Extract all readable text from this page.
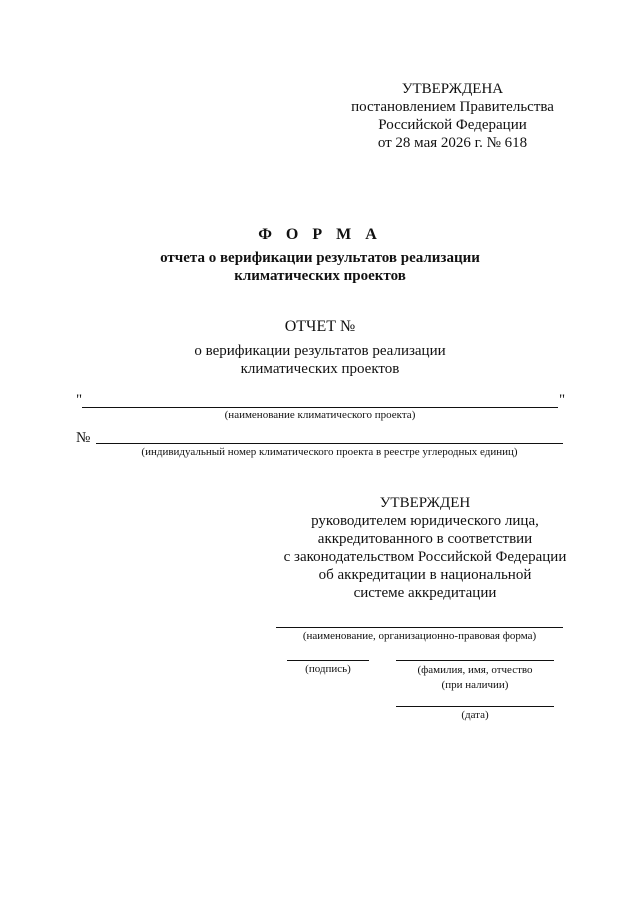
УТВЕРЖДЕНА
постановлением Правительства
Российской Федерации
от 28 мая 2026 г. № 618
Ф О Р М А
отчета о верификации результатов реализации
климатических проектов
ОТЧЕТ №
о верификации результатов реализации
климатических проектов
"	"
(наименование климатического проекта)
№
(индивидуальный номер климатического проекта в реестре углеродных единиц)
УТВЕРЖДЕН
руководителем юридического лица,
аккредитованного в соответствии
с законодательством Российской Федерации
об аккредитации в национальной
системе аккредитации
(наименование, организационно-правовая форма)
(подпись)	(фамилия, имя, отчество
(при наличии)
(дата)
